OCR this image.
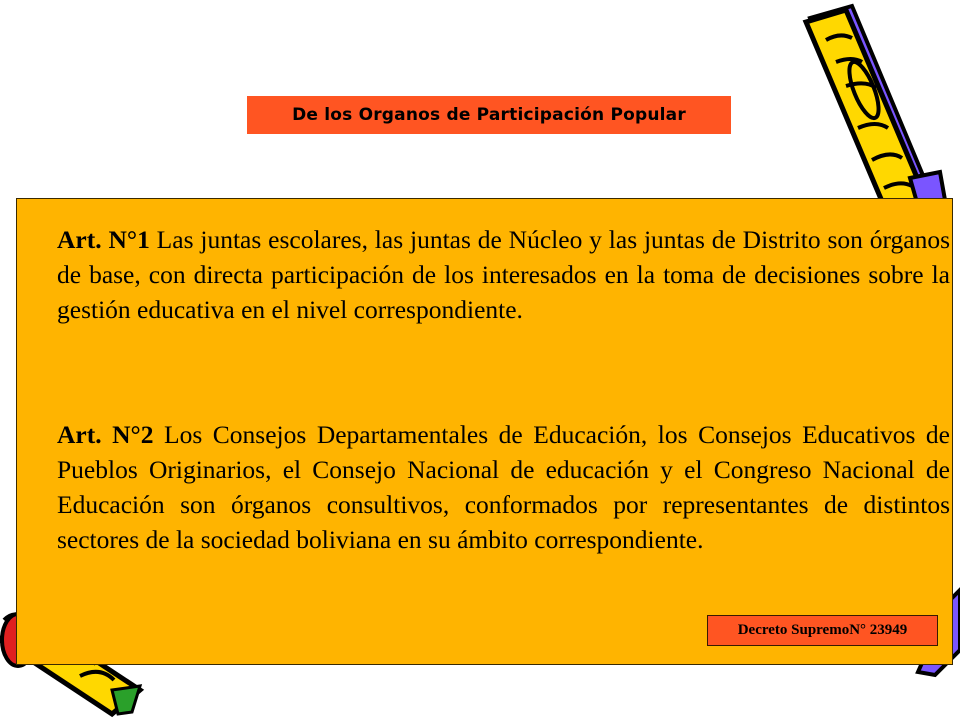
De los Organos de Participación Popular

Art. N°1 Las juntas escolares, las juntas de Núcleo y las juntas de Distrito son órganos de base, con directa participación de los interesados en la toma de decisiones sobre la gestión educativa en el nivel correspondiente.

Art. N°2 Los Consejos Departamentales de Educación, los Consejos Educativos de Pueblos Originarios, el Consejo Nacional de educación y el Congreso Nacional de Educación son órganos consultivos, conformados por representantes de distintos sectores de la sociedad boliviana en su ámbito correspondiente.

Decreto SupremoN° 23949
